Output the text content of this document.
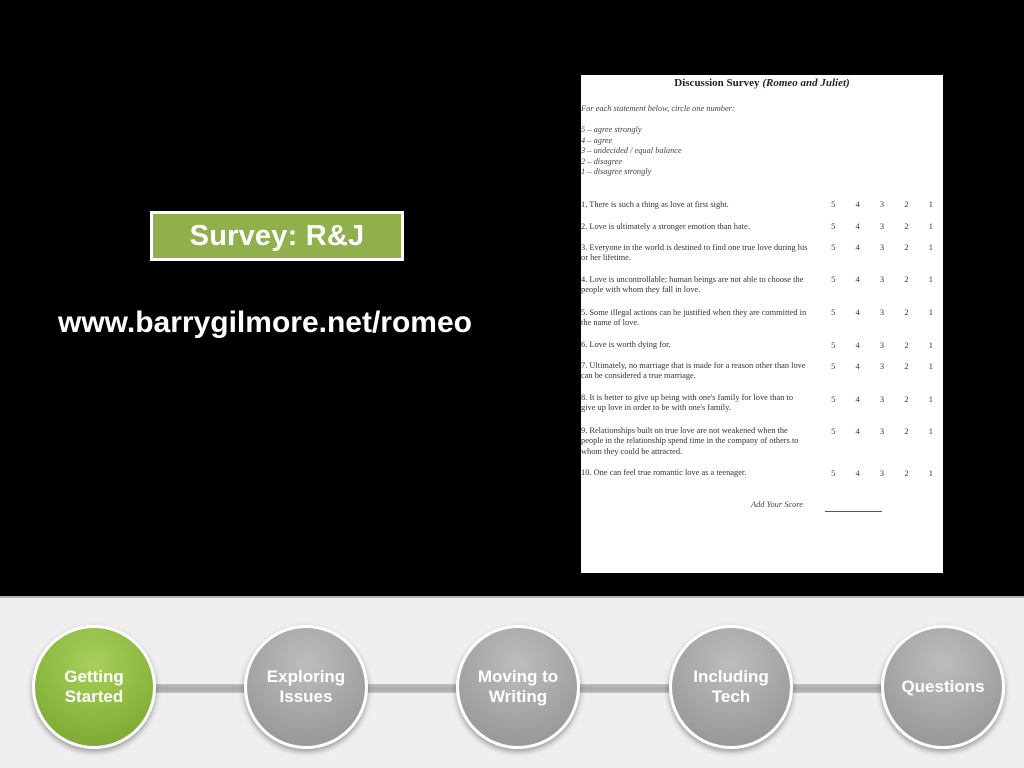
Survey: R&J
www.barrygilmore.net/romeo
Discussion Survey (Romeo and Juliet)
For each statement below, circle one number:
5 – agree strongly
4 – agree
3 – undecided / equal balance
2 – disagree
1 – disagree strongly
1. There is such a thing as love at first sight.	5	4	3	2	1
2. Love is ultimately a stronger emotion than hate.	5	4	3	2	1
3. Everyone in the world is destined to find one true love during his or her lifetime.
5	4	3	2	1
4. Love is uncontrollable; human beings are not able to choose the people with whom they fall in love.
5	4	3	2	1
5. Some illegal actions can be justified when they are committed in the name of love.
5	4	3	2	1
6. Love is worth dying for.	5	4	3	2	1
7. Ultimately, no marriage that is made for a reason other than love can be considered a true marriage.
5	4	3	2	1
8. It is better to give up being with one's family for love than to give up love in order to be with one's family.
5	4	3	2	1
9. Relationships built on true love are not weakened when the people in the relationship spend time in the company of others to whom they could be attracted.
5	4	3	2	1
10. One can feel true romantic love as a teenager.	5	4	3	2	1
Add Your Score
Getting
Started
Exploring
Issues
Moving to
Writing
Including
Tech
Questions
